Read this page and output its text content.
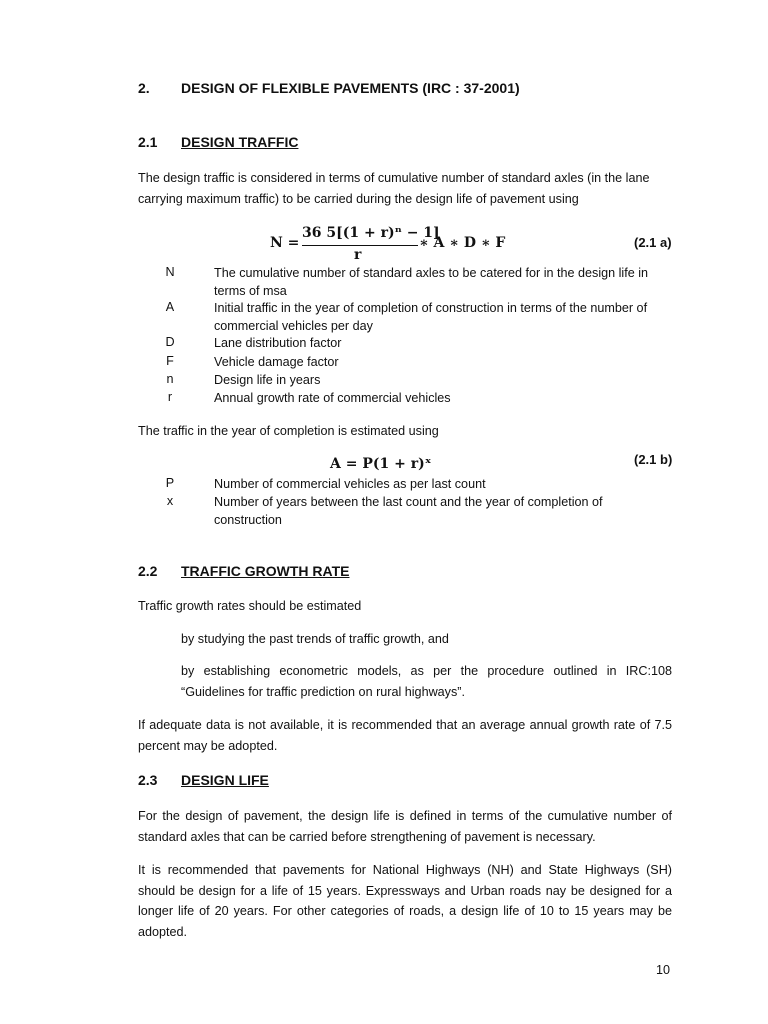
2. DESIGN OF FLEXIBLE PAVEMENTS (IRC : 37-2001)
2.1 DESIGN TRAFFIC
The design traffic is considered in terms of cumulative number of standard axles (in the lane carrying maximum traffic) to be carried during the design life of pavement using
N =
36 5[(1 + r)ⁿ − 1]
r
∗ A ∗ D ∗ F	(2.1 a)
N	The cumulative number of standard axles to be catered for in the design life in terms of msa
A	Initial traffic in the year of completion of construction in terms of the number of commercial vehicles per day
D	Lane distribution factor
F	Vehicle damage factor
n	Design life in years
r	Annual growth rate of commercial vehicles
The traffic in the year of completion is estimated using
A = P(1 + r)ˣ	(2.1 b)
P	Number of commercial vehicles as per last count
x	Number of years between the last count and the year of completion of construction
2.2 TRAFFIC GROWTH RATE
Traffic growth rates should be estimated
by studying the past trends of traffic growth, and
by establishing econometric models, as per the procedure outlined in IRC:108 “Guidelines for traffic prediction on rural highways”.
If adequate data is not available, it is recommended that an average annual growth rate of 7.5 percent may be adopted.
2.3 DESIGN LIFE
For the design of pavement, the design life is defined in terms of the cumulative number of standard axles that can be carried before strengthening of pavement is necessary.
It is recommended that pavements for National Highways (NH) and State Highways (SH) should be design for a life of 15 years. Expressways and Urban roads nay be designed for a longer life of 20 years. For other categories of roads, a design life of 10 to 15 years may be adopted.
10
